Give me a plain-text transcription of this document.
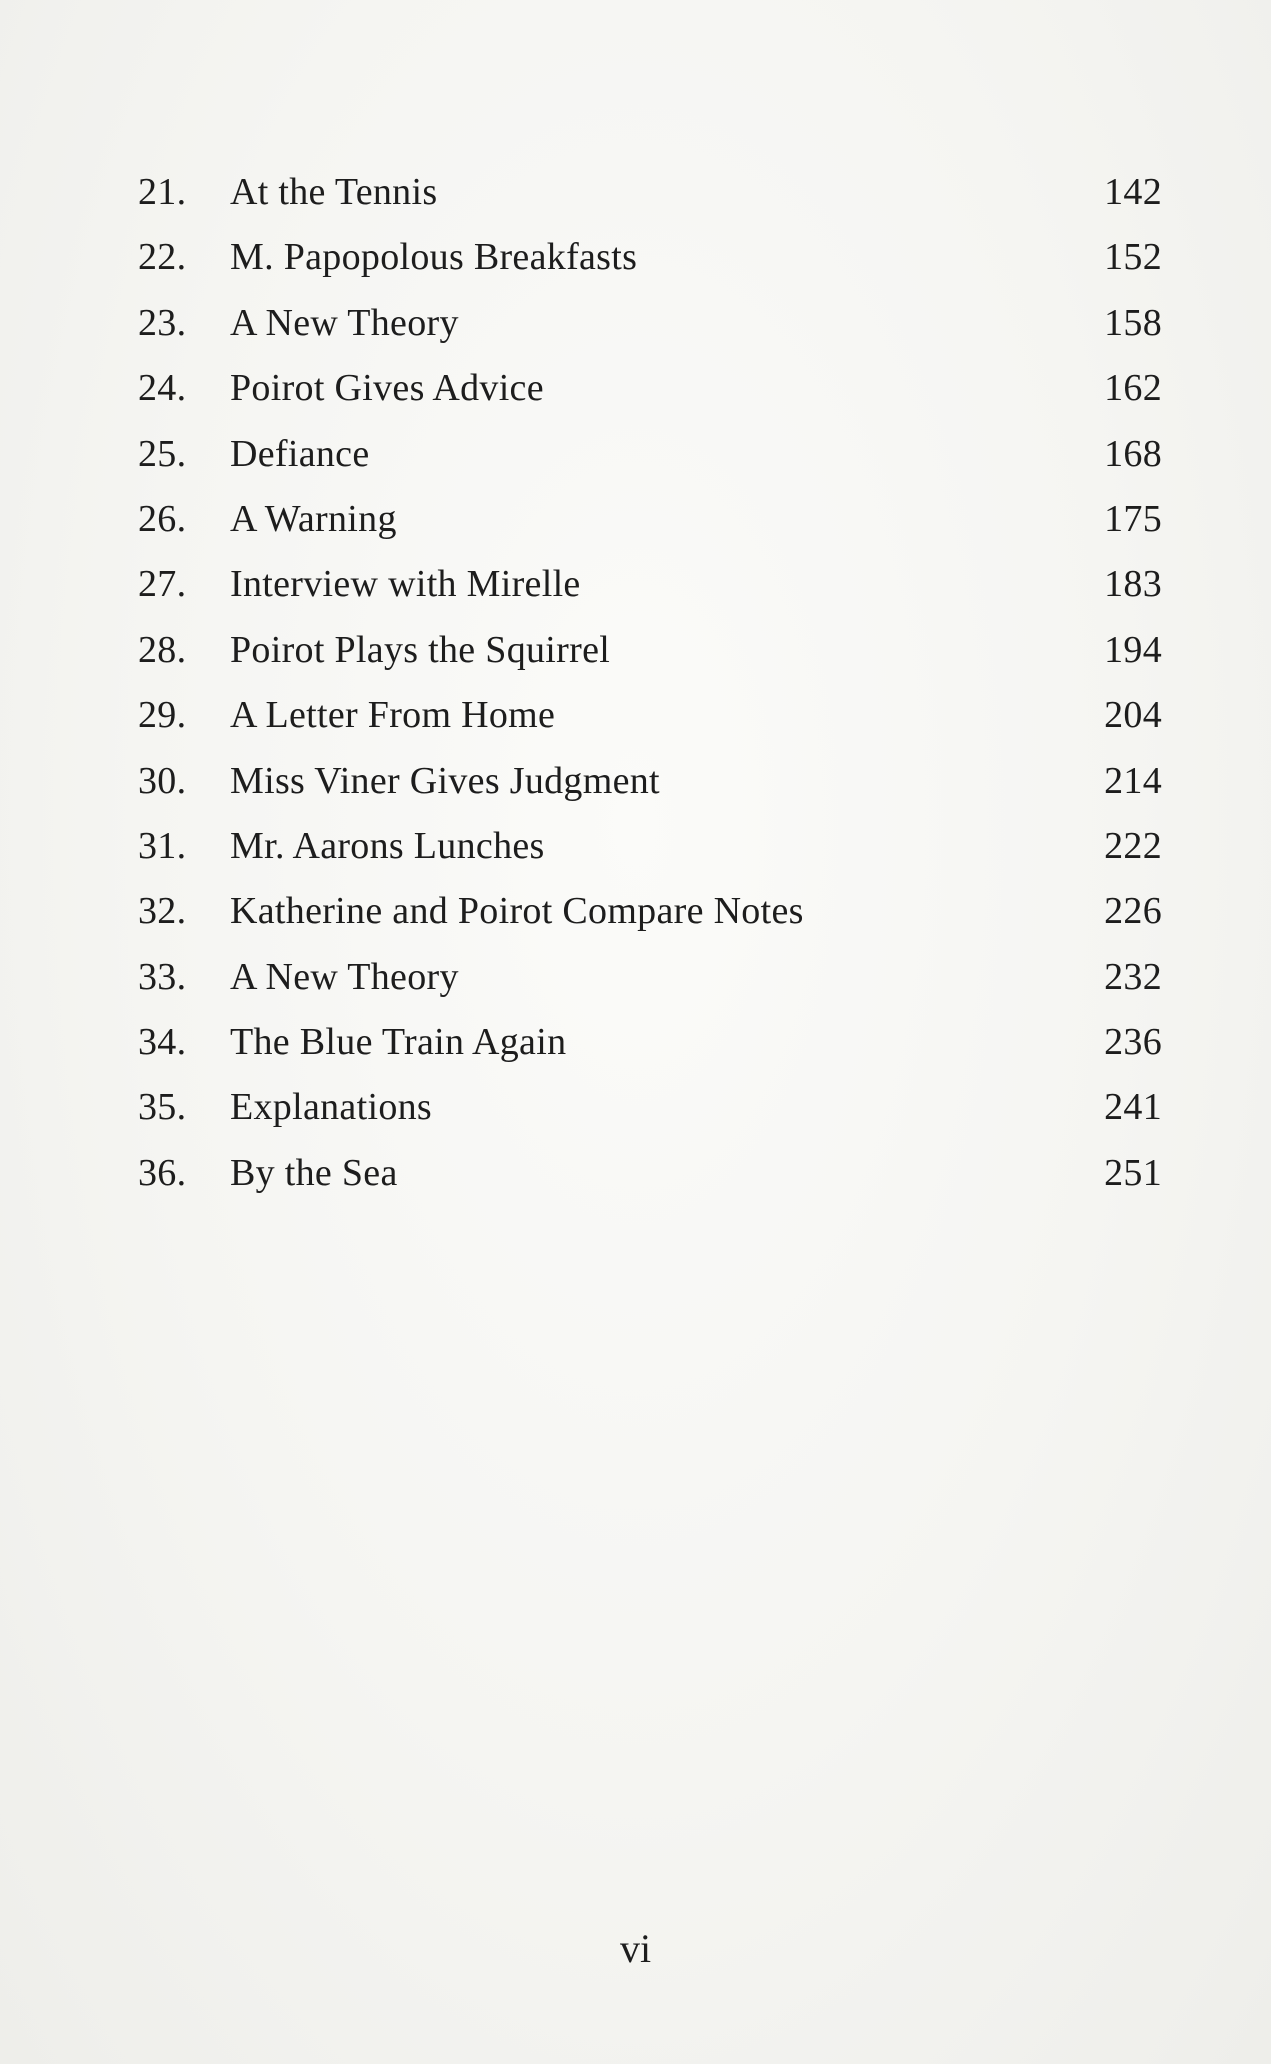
21.	At the Tennis	142
22.	M. Papopolous Breakfasts	152
23.	A New Theory	158
24.	Poirot Gives Advice	162
25.	Defiance	168
26.	A Warning	175
27.	Interview with Mirelle	183
28.	Poirot Plays the Squirrel	194
29.	A Letter From Home	204
30.	Miss Viner Gives Judgment	214
31.	Mr. Aarons Lunches	222
32.	Katherine and Poirot Compare Notes	226
33.	A New Theory	232
34.	The Blue Train Again	236
35.	Explanations	241
36.	By the Sea	251
vi
